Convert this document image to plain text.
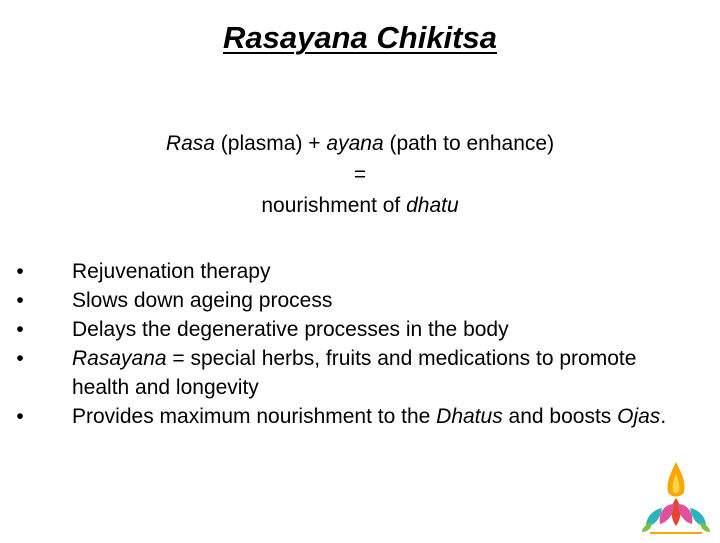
Rasayana Chikitsa
Rasa (plasma) + ayana (path to enhance)
=
nourishment of dhatu
•	Rejuvenation therapy
•	Slows down ageing process
•	Delays the degenerative processes in the body
•	Rasayana = special herbs, fruits and medications to promote health and longevity
•	Provides maximum nourishment to the Dhatus and boosts Ojas.
